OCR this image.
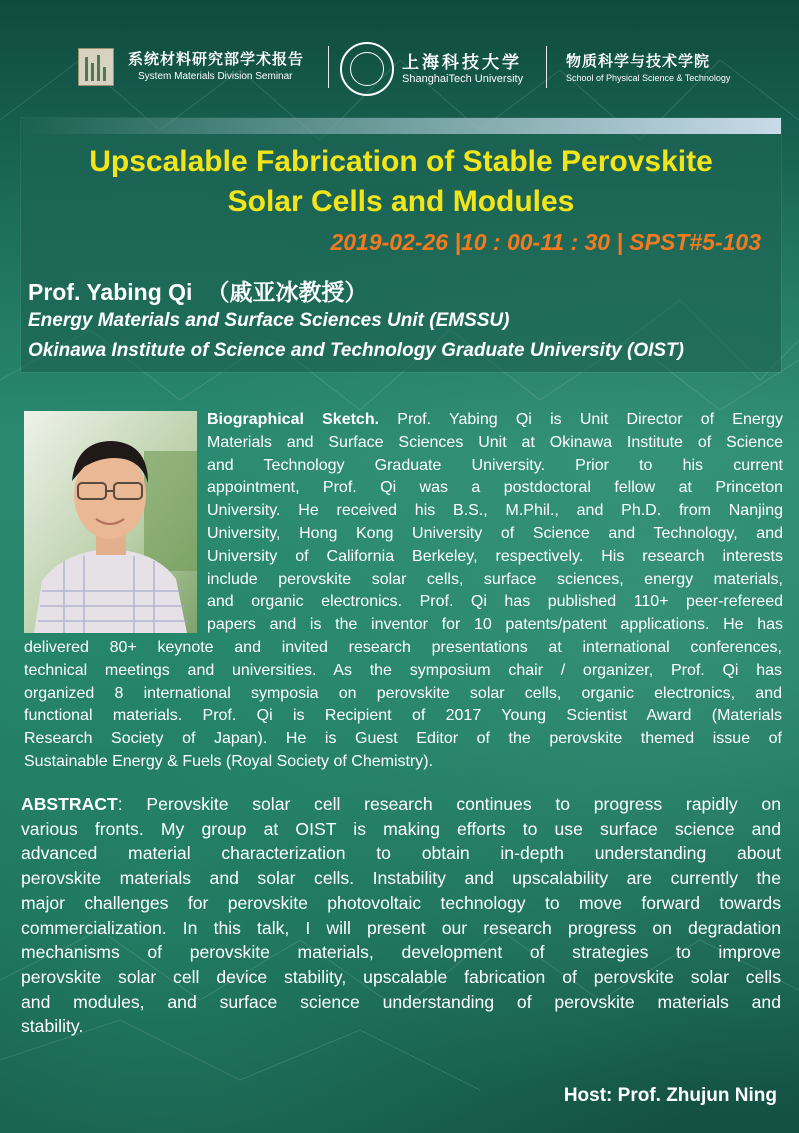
系统材料研究部学术报告
System Materials Division Seminar
上海科技大学
ShanghaiTech University
物质科学与技术学院
School of Physical Science & Technology
Upscalable Fabrication of Stable Perovskite
Solar Cells and Modules
2019-02-26 |10 : 00-11 : 30 | SPST#5-103
Prof. Yabing Qi （戚亚冰教授）
Energy Materials and Surface Sciences Unit (EMSSU)
Okinawa Institute of Science and Technology Graduate University (OIST)
Biographical Sketch. Prof. Yabing Qi is Unit Director of Energy
Materials and Surface Sciences Unit at Okinawa Institute of Science
and Technology Graduate University. Prior to his current
appointment, Prof. Qi was a postdoctoral fellow at Princeton
University. He received his B.S., M.Phil., and Ph.D. from Nanjing
University, Hong Kong University of Science and Technology, and
University of California Berkeley, respectively. His research interests
include perovskite solar cells, surface sciences, energy materials,
and organic electronics. Prof. Qi has published 110+ peer-refereed
papers and is the inventor for 10 patents/patent applications. He has
delivered 80+ keynote and invited research presentations at international conferences,
technical meetings and universities. As the symposium chair / organizer, Prof. Qi has
organized 8 international symposia on perovskite solar cells, organic electronics, and
functional materials. Prof. Qi is Recipient of 2017 Young Scientist Award (Materials
Research Society of Japan). He is Guest Editor of the perovskite themed issue of
Sustainable Energy & Fuels (Royal Society of Chemistry).
ABSTRACT: Perovskite solar cell research continues to progress rapidly on
various fronts. My group at OIST is making efforts to use surface science and
advanced material characterization to obtain in-depth understanding about
perovskite materials and solar cells. Instability and upscalability are currently the
major challenges for perovskite photovoltaic technology to move forward towards
commercialization. In this talk, I will present our research progress on degradation
mechanisms of perovskite materials, development of strategies to improve
perovskite solar cell device stability, upscalable fabrication of perovskite solar cells
and modules, and surface science understanding of perovskite materials and
stability.
Host: Prof. Zhujun Ning
